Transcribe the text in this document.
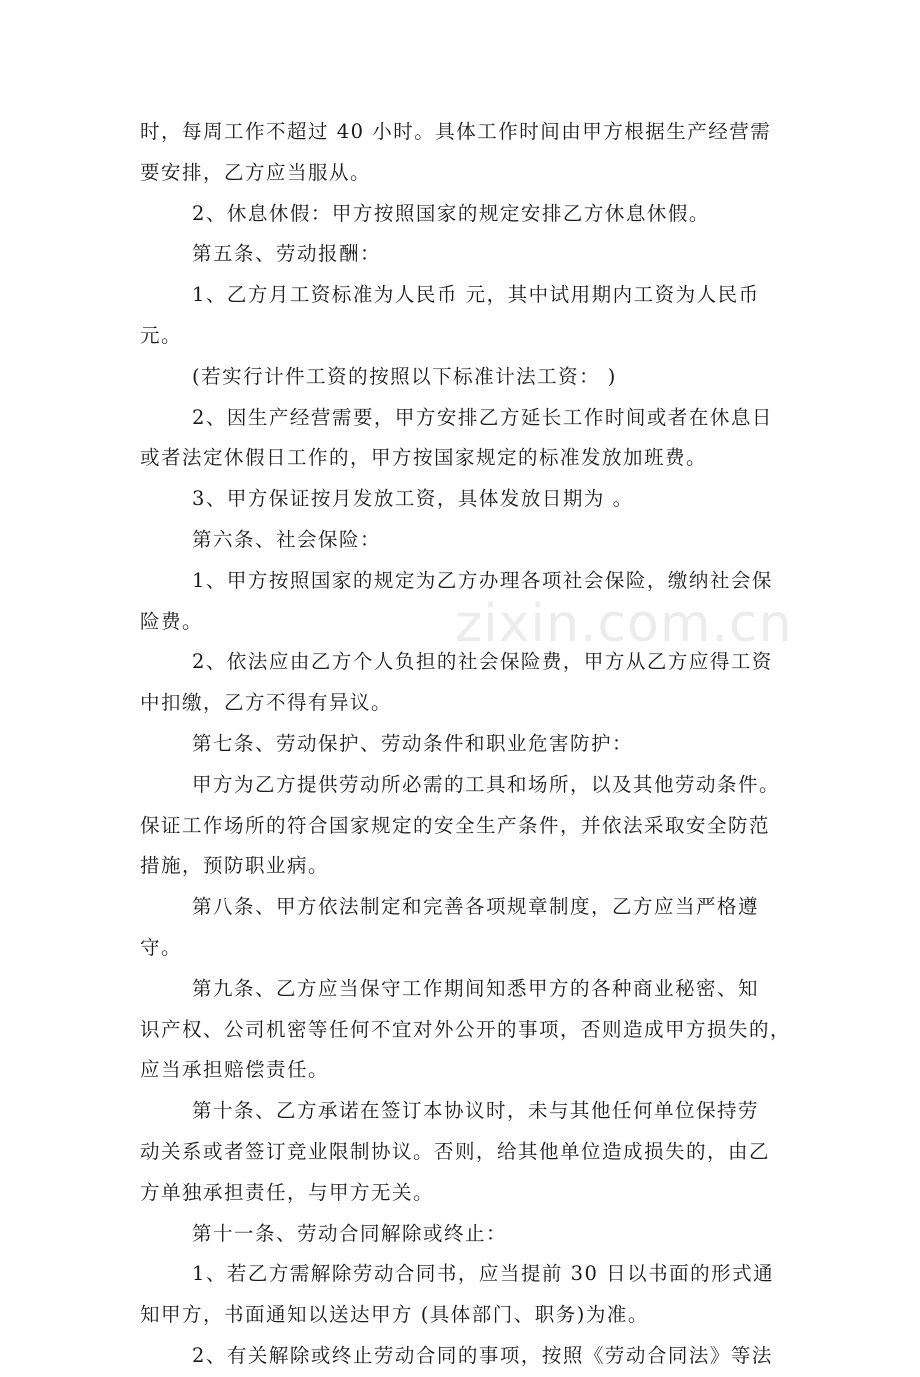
时，每周工作不超过 40 小时。具体工作时间由甲方根据生产经营需
要安排，乙方应当服从。
2、休息休假：甲方按照国家的规定安排乙方休息休假。
第五条、劳动报酬：
1、乙方月工资标准为人民币 元，其中试用期内工资为人民币
元。
(若实行计件工资的按照以下标准计法工资： )
2、因生产经营需要，甲方安排乙方延长工作时间或者在休息日
或者法定休假日工作的，甲方按国家规定的标准发放加班费。
3、甲方保证按月发放工资，具体发放日期为 。
第六条、社会保险：
1、甲方按照国家的规定为乙方办理各项社会保险，缴纳社会保
险费。
2、依法应由乙方个人负担的社会保险费，甲方从乙方应得工资
中扣缴，乙方不得有异议。
第七条、劳动保护、劳动条件和职业危害防护：
甲方为乙方提供劳动所必需的工具和场所，以及其他劳动条件。
保证工作场所的符合国家规定的安全生产条件，并依法采取安全防范
措施，预防职业病。
第八条、甲方依法制定和完善各项规章制度，乙方应当严格遵
守。
第九条、乙方应当保守工作期间知悉甲方的各种商业秘密、知
识产权、公司机密等任何不宜对外公开的事项，否则造成甲方损失的，
应当承担赔偿责任。
第十条、乙方承诺在签订本协议时，未与其他任何单位保持劳
动关系或者签订竞业限制协议。否则，给其他单位造成损失的，由乙
方单独承担责任，与甲方无关。
第十一条、劳动合同解除或终止：
1、若乙方需解除劳动合同书，应当提前 30 日以书面的形式通
知甲方，书面通知以送达甲方 (具体部门、职务)为准。
2、有关解除或终止劳动合同的事项，按照《劳动合同法》等法
zixin.com.cn
